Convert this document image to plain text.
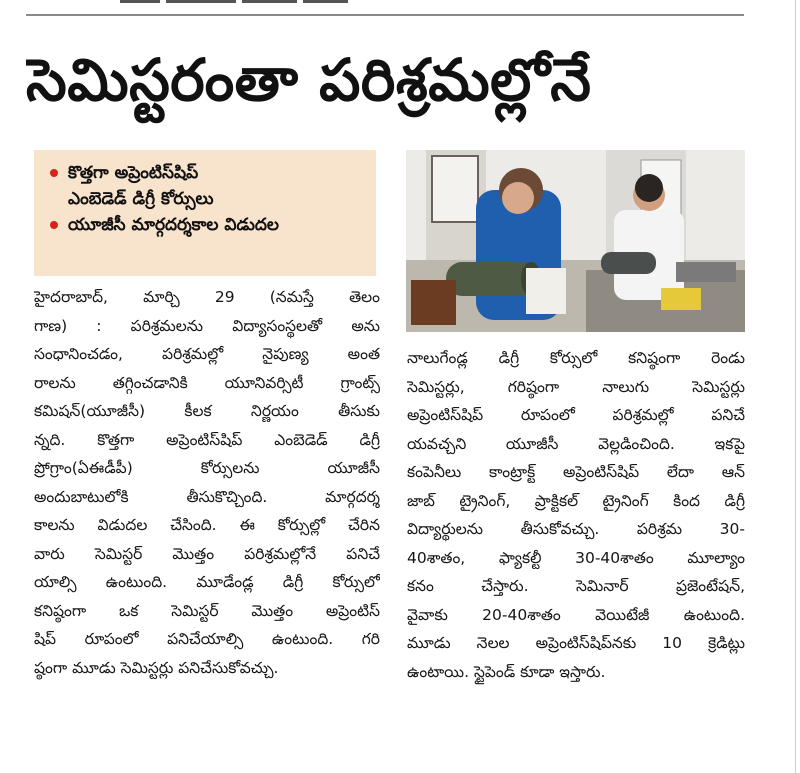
సెమిస్టరంతా పరిశ్రమల్లోనే
కొత్తగా అప్రెంటిస్‌షిప్
ఎంబెడెడ్ డిగ్రీ కోర్సులు
యూజీసీ మార్గదర్శకాల విడుదల
హైదరాబాద్, మార్చి 29 (నమస్తే తెలం
గాణ) : పరిశ్రమలను విద్యాసంస్థలతో అను
సంధానించడం, పరిశ్రమల్లో నైపుణ్య అంత
రాలను తగ్గించడానికి యూనివర్సిటీ గ్రాంట్స్
కమిషన్(యూజీసీ) కీలక నిర్ణయం తీసుకు
న్నది. కొత్తగా అప్రెంటిస్‌షిప్ ఎంబెడెడ్ డిగ్రీ
ప్రోగ్రాం(ఏఈడీపీ) కోర్సులను యూజీసీ
అందుబాటులోకి తీసుకొచ్చింది. మార్గదర్శ
కాలను విడుదల చేసింది. ఈ కోర్సుల్లో చేరిన
వారు సెమిస్టర్ మొత్తం పరిశ్రమల్లోనే పనిచే
యాల్సి ఉంటుంది. మూడేండ్ల డిగ్రీ కోర్సులో
కనిష్ఠంగా ఒక సెమిస్టర్ మొత్తం అప్రెంటిస్
షిప్ రూపంలో పనిచేయాల్సి ఉంటుంది. గరి
ష్ఠంగా మూడు సెమిస్టర్లు పనిచేసుకోవచ్చు.
నాలుగేండ్ల డిగ్రీ కోర్సులో కనిష్ఠంగా రెండు
సెమిస్టర్లు, గరిష్ఠంగా నాలుగు సెమిస్టర్లు
అప్రెంటిస్‌షిప్ రూపంలో పరిశ్రమల్లో పనిచే
యవచ్చని యూజీసీ వెల్లడించింది. ఇకపై
కంపెనీలు కాంట్రాక్ట్ అప్రెంటిస్‌షిప్ లేదా ఆన్
జాబ్ ట్రైనింగ్, ప్రాక్టికల్ ట్రైనింగ్ కింద డిగ్రీ
విద్యార్థులను తీసుకోవచ్చు. పరిశ్రమ 30-
40శాతం, ఫ్యాకల్టీ 30-40శాతం మూల్యాం
కనం చేస్తారు. సెమినార్ ప్రజెంటేషన్,
వైవాకు 20-40శాతం వెయిటేజీ ఉంటుంది.
మూడు నెలల అప్రెంటిస్‌షిప్‌నకు 10 క్రెడిట్లు
ఉంటాయి. స్టైపెండ్ కూడా ఇస్తారు.
